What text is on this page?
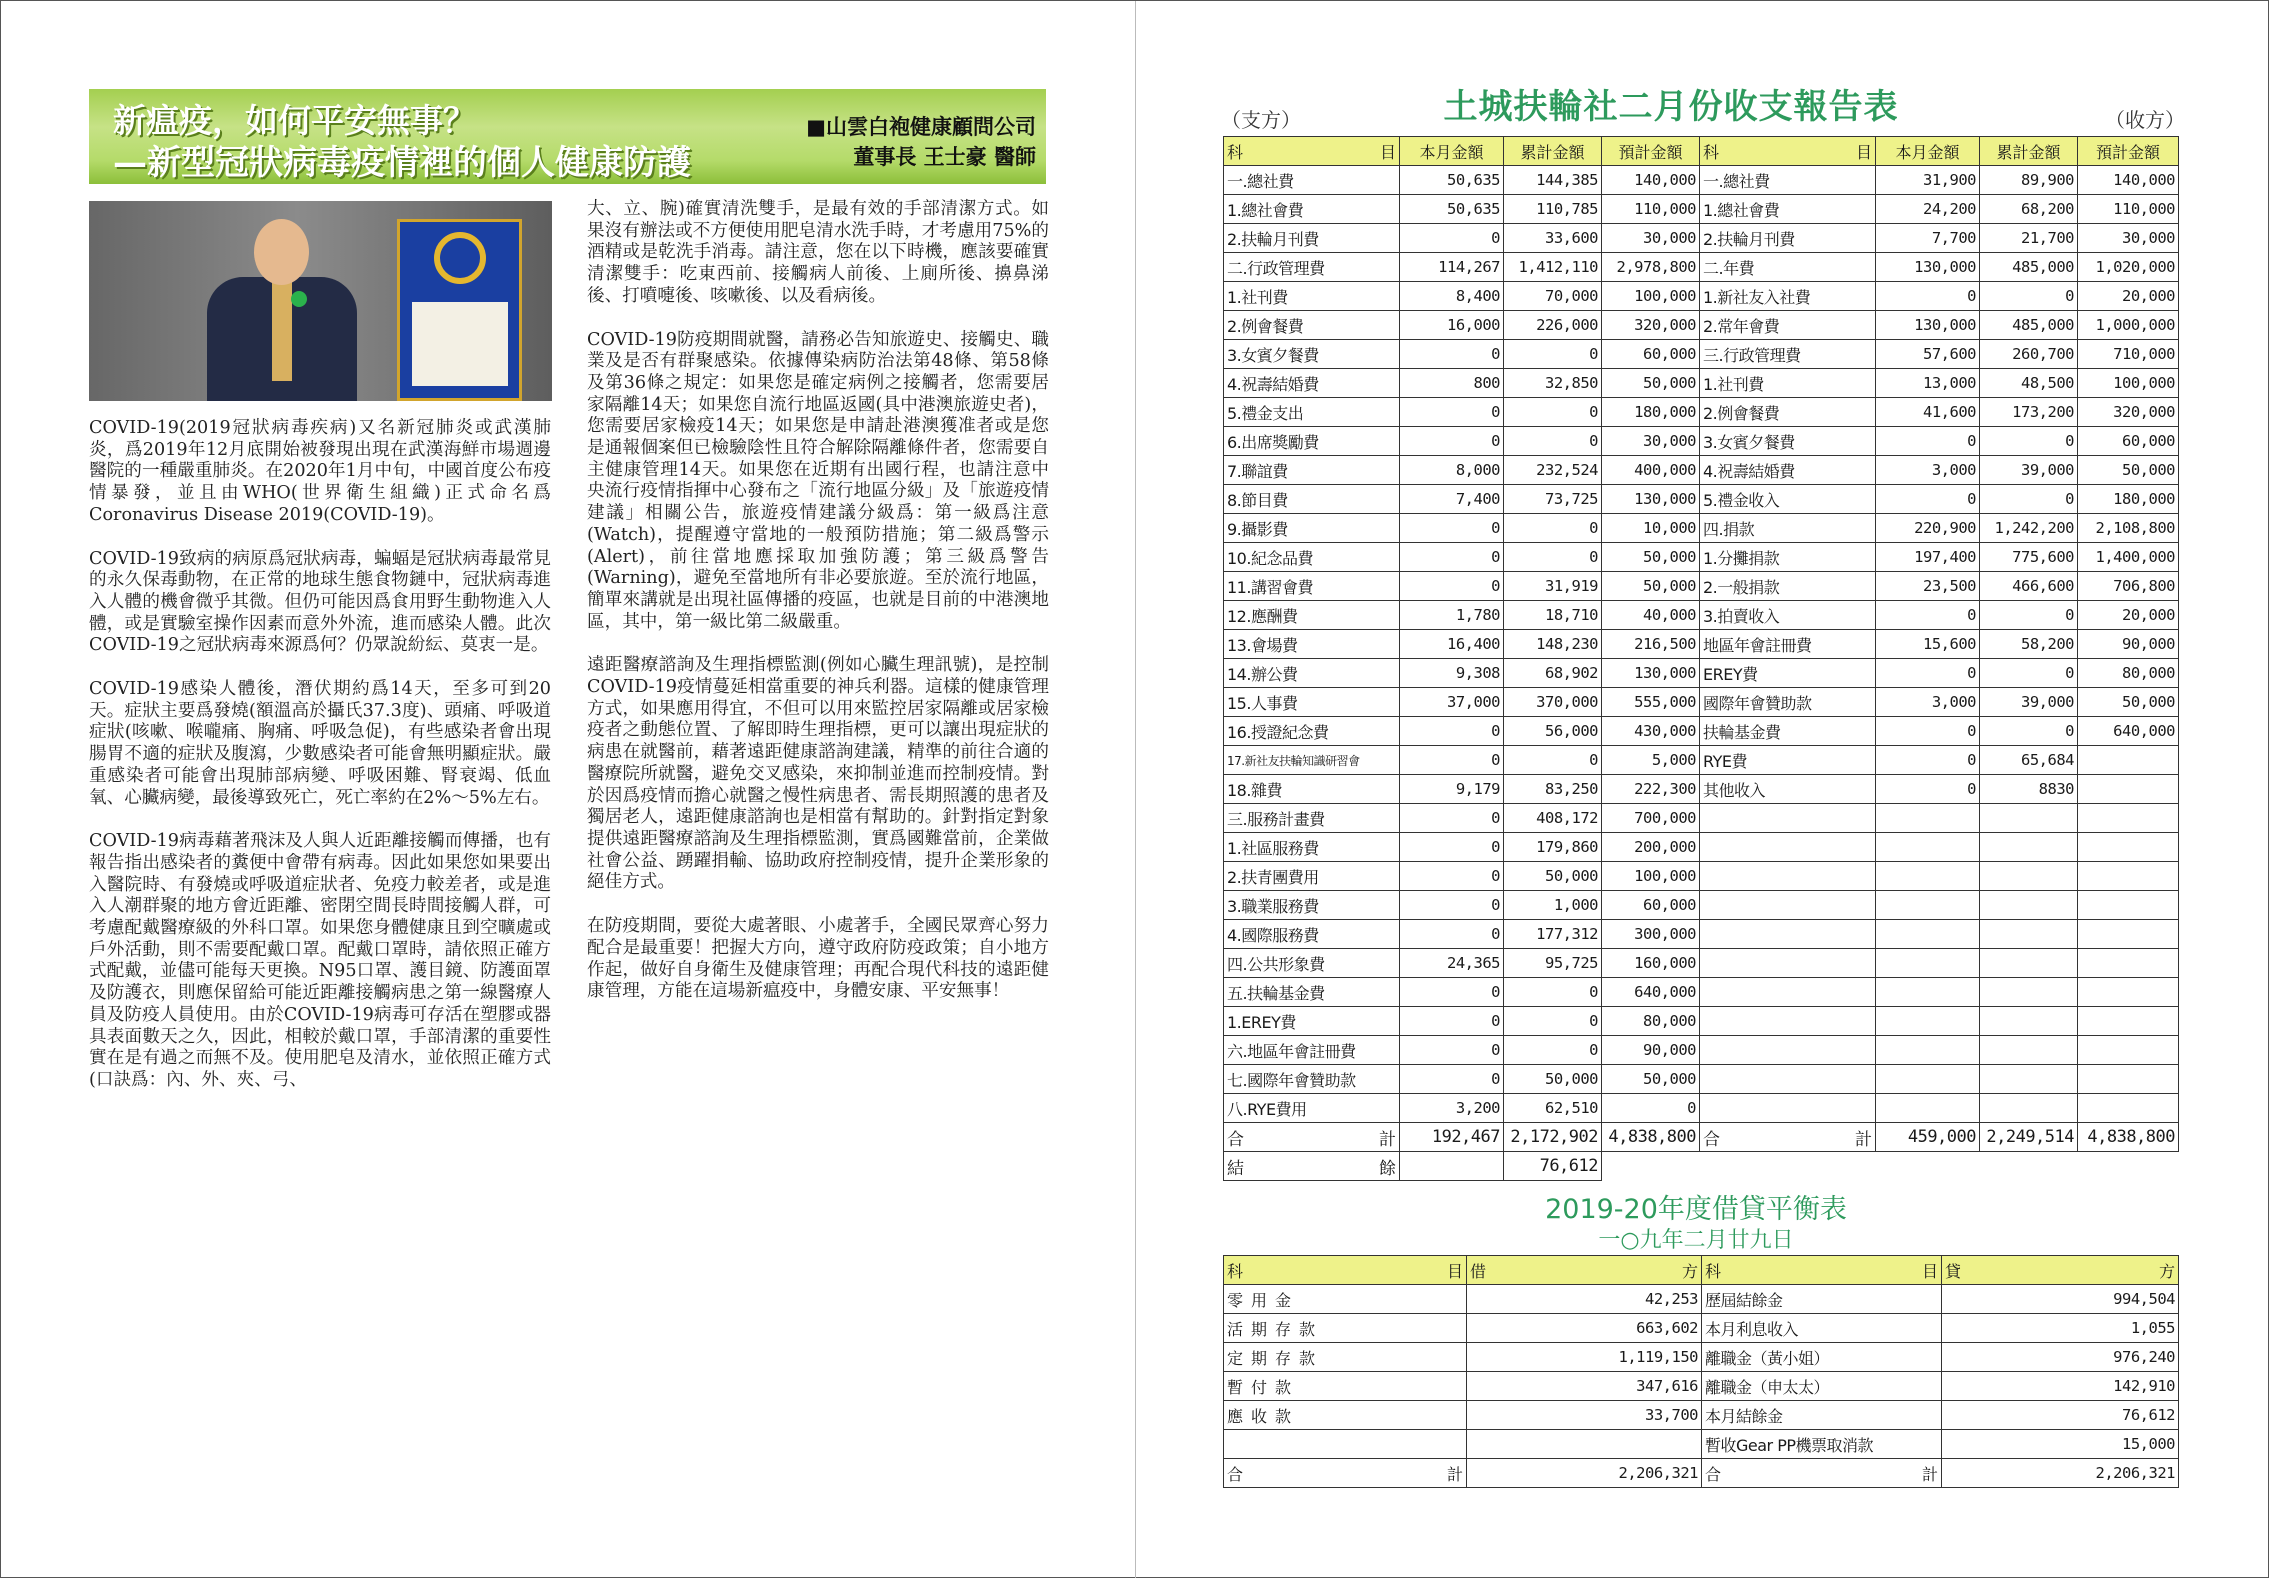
新瘟疫，如何平安無事？
—新型冠狀病毒疫情裡的個人健康防護
■山雲白袍健康顧問公司
董事長 王士豪 醫師

COVID-19(2019冠狀病毒疾病)又名新冠肺炎或武漢肺炎，爲2019年12月底開始被發現出現在武漢海鮮市場週邊醫院的一種嚴重肺炎。在2020年1月中旬，中國首度公布疫情暴發，並且由WHO(世界衛生組織)正式命名爲Coronavirus Disease 2019(COVID-19)。

COVID-19致病的病原爲冠狀病毒，蝙蝠是冠狀病毒最常見的永久保毒動物，在正常的地球生態食物鏈中，冠狀病毒進入人體的機會微乎其微。但仍可能因爲食用野生動物進入人體，或是實驗室操作因素而意外外流，進而感染人體。此次COVID-19之冠狀病毒來源爲何？仍眾說紛紜、莫衷一是。

COVID-19感染人體後，潛伏期約爲14天，至多可到20天。症狀主要爲發燒(額溫高於攝氏37.3度)、頭痛、呼吸道症狀(咳嗽、喉嚨痛、胸痛、呼吸急促)，有些感染者會出現腸胃不適的症狀及腹瀉，少數感染者可能會無明顯症狀。嚴重感染者可能會出現肺部病變、呼吸困難、腎衰竭、低血氧、心臟病變，最後導致死亡，死亡率約在2%～5%左右。

COVID-19病毒藉著飛沫及人與人近距離接觸而傳播，也有報告指出感染者的糞便中會帶有病毒。因此如果您如果要出入醫院時、有發燒或呼吸道症狀者、免疫力較差者，或是進入人潮群聚的地方會近距離、密閉空間長時間接觸人群，可考慮配戴醫療級的外科口罩。如果您身體健康且到空曠處或戶外活動，則不需要配戴口罩。配戴口罩時，請依照正確方式配戴，並儘可能每天更換。N95口罩、護目鏡、防護面罩及防護衣，則應保留給可能近距離接觸病患之第一線醫療人員及防疫人員使用。由於COVID-19病毒可存活在塑膠或器具表面數天之久，因此，相較於戴口罩，手部清潔的重要性實在是有過之而無不及。使用肥皂及清水，並依照正確方式(口訣爲：內、外、夾、弓、

大、立、腕)確實清洗雙手，是最有效的手部清潔方式。如果沒有辦法或不方便使用肥皂清水洗手時，才考慮用75%的酒精或是乾洗手消毒。請注意，您在以下時機，應該要確實清潔雙手：吃東西前、接觸病人前後、上廁所後、擤鼻涕後、打噴嚏後、咳嗽後、以及看病後。

COVID-19防疫期間就醫，請務必告知旅遊史、接觸史、職業及是否有群聚感染。依據傳染病防治法第48條、第58條及第36條之規定：如果您是確定病例之接觸者，您需要居家隔離14天；如果您自流行地區返國(具中港澳旅遊史者)，您需要居家檢疫14天；如果您是申請赴港澳獲准者或是您是通報個案但已檢驗陰性且符合解除隔離條件者，您需要自主健康管理14天。如果您在近期有出國行程，也請注意中央流行疫情指揮中心發布之「流行地區分級」及「旅遊疫情建議」相關公告，旅遊疫情建議分級爲：第一級爲注意(Watch)，提醒遵守當地的一般預防措施；第二級爲警示(Alert)，前往當地應採取加強防護；第三級爲警告(Warning)，避免至當地所有非必要旅遊。至於流行地區，簡單來講就是出現社區傳播的疫區，也就是目前的中港澳地區，其中，第一級比第二級嚴重。

遠距醫療諮詢及生理指標監測(例如心臟生理訊號)，是控制COVID-19疫情蔓延相當重要的神兵利器。這樣的健康管理方式，如果應用得宜，不但可以用來監控居家隔離或居家檢疫者之動態位置、了解即時生理指標，更可以讓出現症狀的病患在就醫前，藉著遠距健康諮詢建議，精準的前往合適的醫療院所就醫，避免交叉感染，來抑制並進而控制疫情。對於因爲疫情而擔心就醫之慢性病患者、需長期照護的患者及獨居老人，遠距健康諮詢也是相當有幫助的。針對指定對象提供遠距醫療諮詢及生理指標監測，實爲國難當前，企業做社會公益、踴躍捐輸、協助政府控制疫情，提升企業形象的絕佳方式。

在防疫期間，要從大處著眼、小處著手，全國民眾齊心努力配合是最重要！把握大方向，遵守政府防疫政策；自小地方作起，做好自身衛生及健康管理；再配合現代科技的遠距健康管理，方能在這場新瘟疫中，身體安康、平安無事！

（支方）	土城扶輪社二月份收支報告表	（收方）
科 目	本月金額	累計金額	預計金額	科 目	本月金額	累計金額	預計金額
一.總社費	50,635	144,385	140,000	一.總社費	31,900	89,900	140,000
1.總社會費	50,635	110,785	110,000	1.總社會費	24,200	68,200	110,000
2.扶輪月刊費	0	33,600	30,000	2.扶輪月刊費	7,700	21,700	30,000
二.行政管理費	114,267	1,412,110	2,978,800	二.年費	130,000	485,000	1,020,000
1.社刊費	8,400	70,000	100,000	1.新社友入社費	0	0	20,000
2.例會餐費	16,000	226,000	320,000	2.常年會費	130,000	485,000	1,000,000
3.女賓夕餐費	0	0	60,000	三.行政管理費	57,600	260,700	710,000
4.祝壽結婚費	800	32,850	50,000	1.社刊費	13,000	48,500	100,000
5.禮金支出	0	0	180,000	2.例會餐費	41,600	173,200	320,000
6.出席獎勵費	0	0	30,000	3.女賓夕餐費	0	0	60,000
7.聯誼費	8,000	232,524	400,000	4.祝壽結婚費	3,000	39,000	50,000
8.節目費	7,400	73,725	130,000	5.禮金收入	0	0	180,000
9.攝影費	0	0	10,000	四.捐款	220,900	1,242,200	2,108,800
10.紀念品費	0	0	50,000	1.分攤捐款	197,400	775,600	1,400,000
11.講習會費	0	31,919	50,000	2.一般捐款	23,500	466,600	706,800
12.應酬費	1,780	18,710	40,000	3.拍賣收入	0	0	20,000
13.會場費	16,400	148,230	216,500	地區年會註冊費	15,600	58,200	90,000
14.辦公費	9,308	68,902	130,000	EREY費	0	0	80,000
15.人事費	37,000	370,000	555,000	國際年會贊助款	3,000	39,000	50,000
16.授證紀念費	0	56,000	430,000	扶輪基金費	0	0	640,000
17.新社友扶輪知識研習會	0	0	5,000	RYE費	0	65,684	
18.雜費	9,179	83,250	222,300	其他收入	0	8830	
三.服務計畫費	0	408,172	700,000				
1.社區服務費	0	179,860	200,000				
2.扶青團費用	0	50,000	100,000				
3.職業服務費	0	1,000	60,000				
4.國際服務費	0	177,312	300,000				
四.公共形象費	24,365	95,725	160,000				
五.扶輪基金費	0	0	640,000				
1.EREY費	0	0	80,000				
六.地區年會註冊費	0	0	90,000				
七.國際年會贊助款	0	50,000	50,000				
八.RYE費用	3,200	62,510	0				

合 計	192,467	2,172,902	4,838,800	合 計	459,000	2,249,514	4,838,800

結 餘		76,612					
2019-20年度借貸平衡表
一○九年二月廿九日
科 目	借 方	科 目	貸 方

零用金	42,253	歷屆結餘金	994,504
活期存款	663,602	本月利息收入	1,055
定期存款	1,119,150	離職金（黃小姐）	976,240
暫付款	347,616	離職金（申太太）	142,910
應收款	33,700	本月結餘金	76,612
		暫收Gear PP機票取消款	15,000

合 計	2,206,321	合 計	2,206,321
